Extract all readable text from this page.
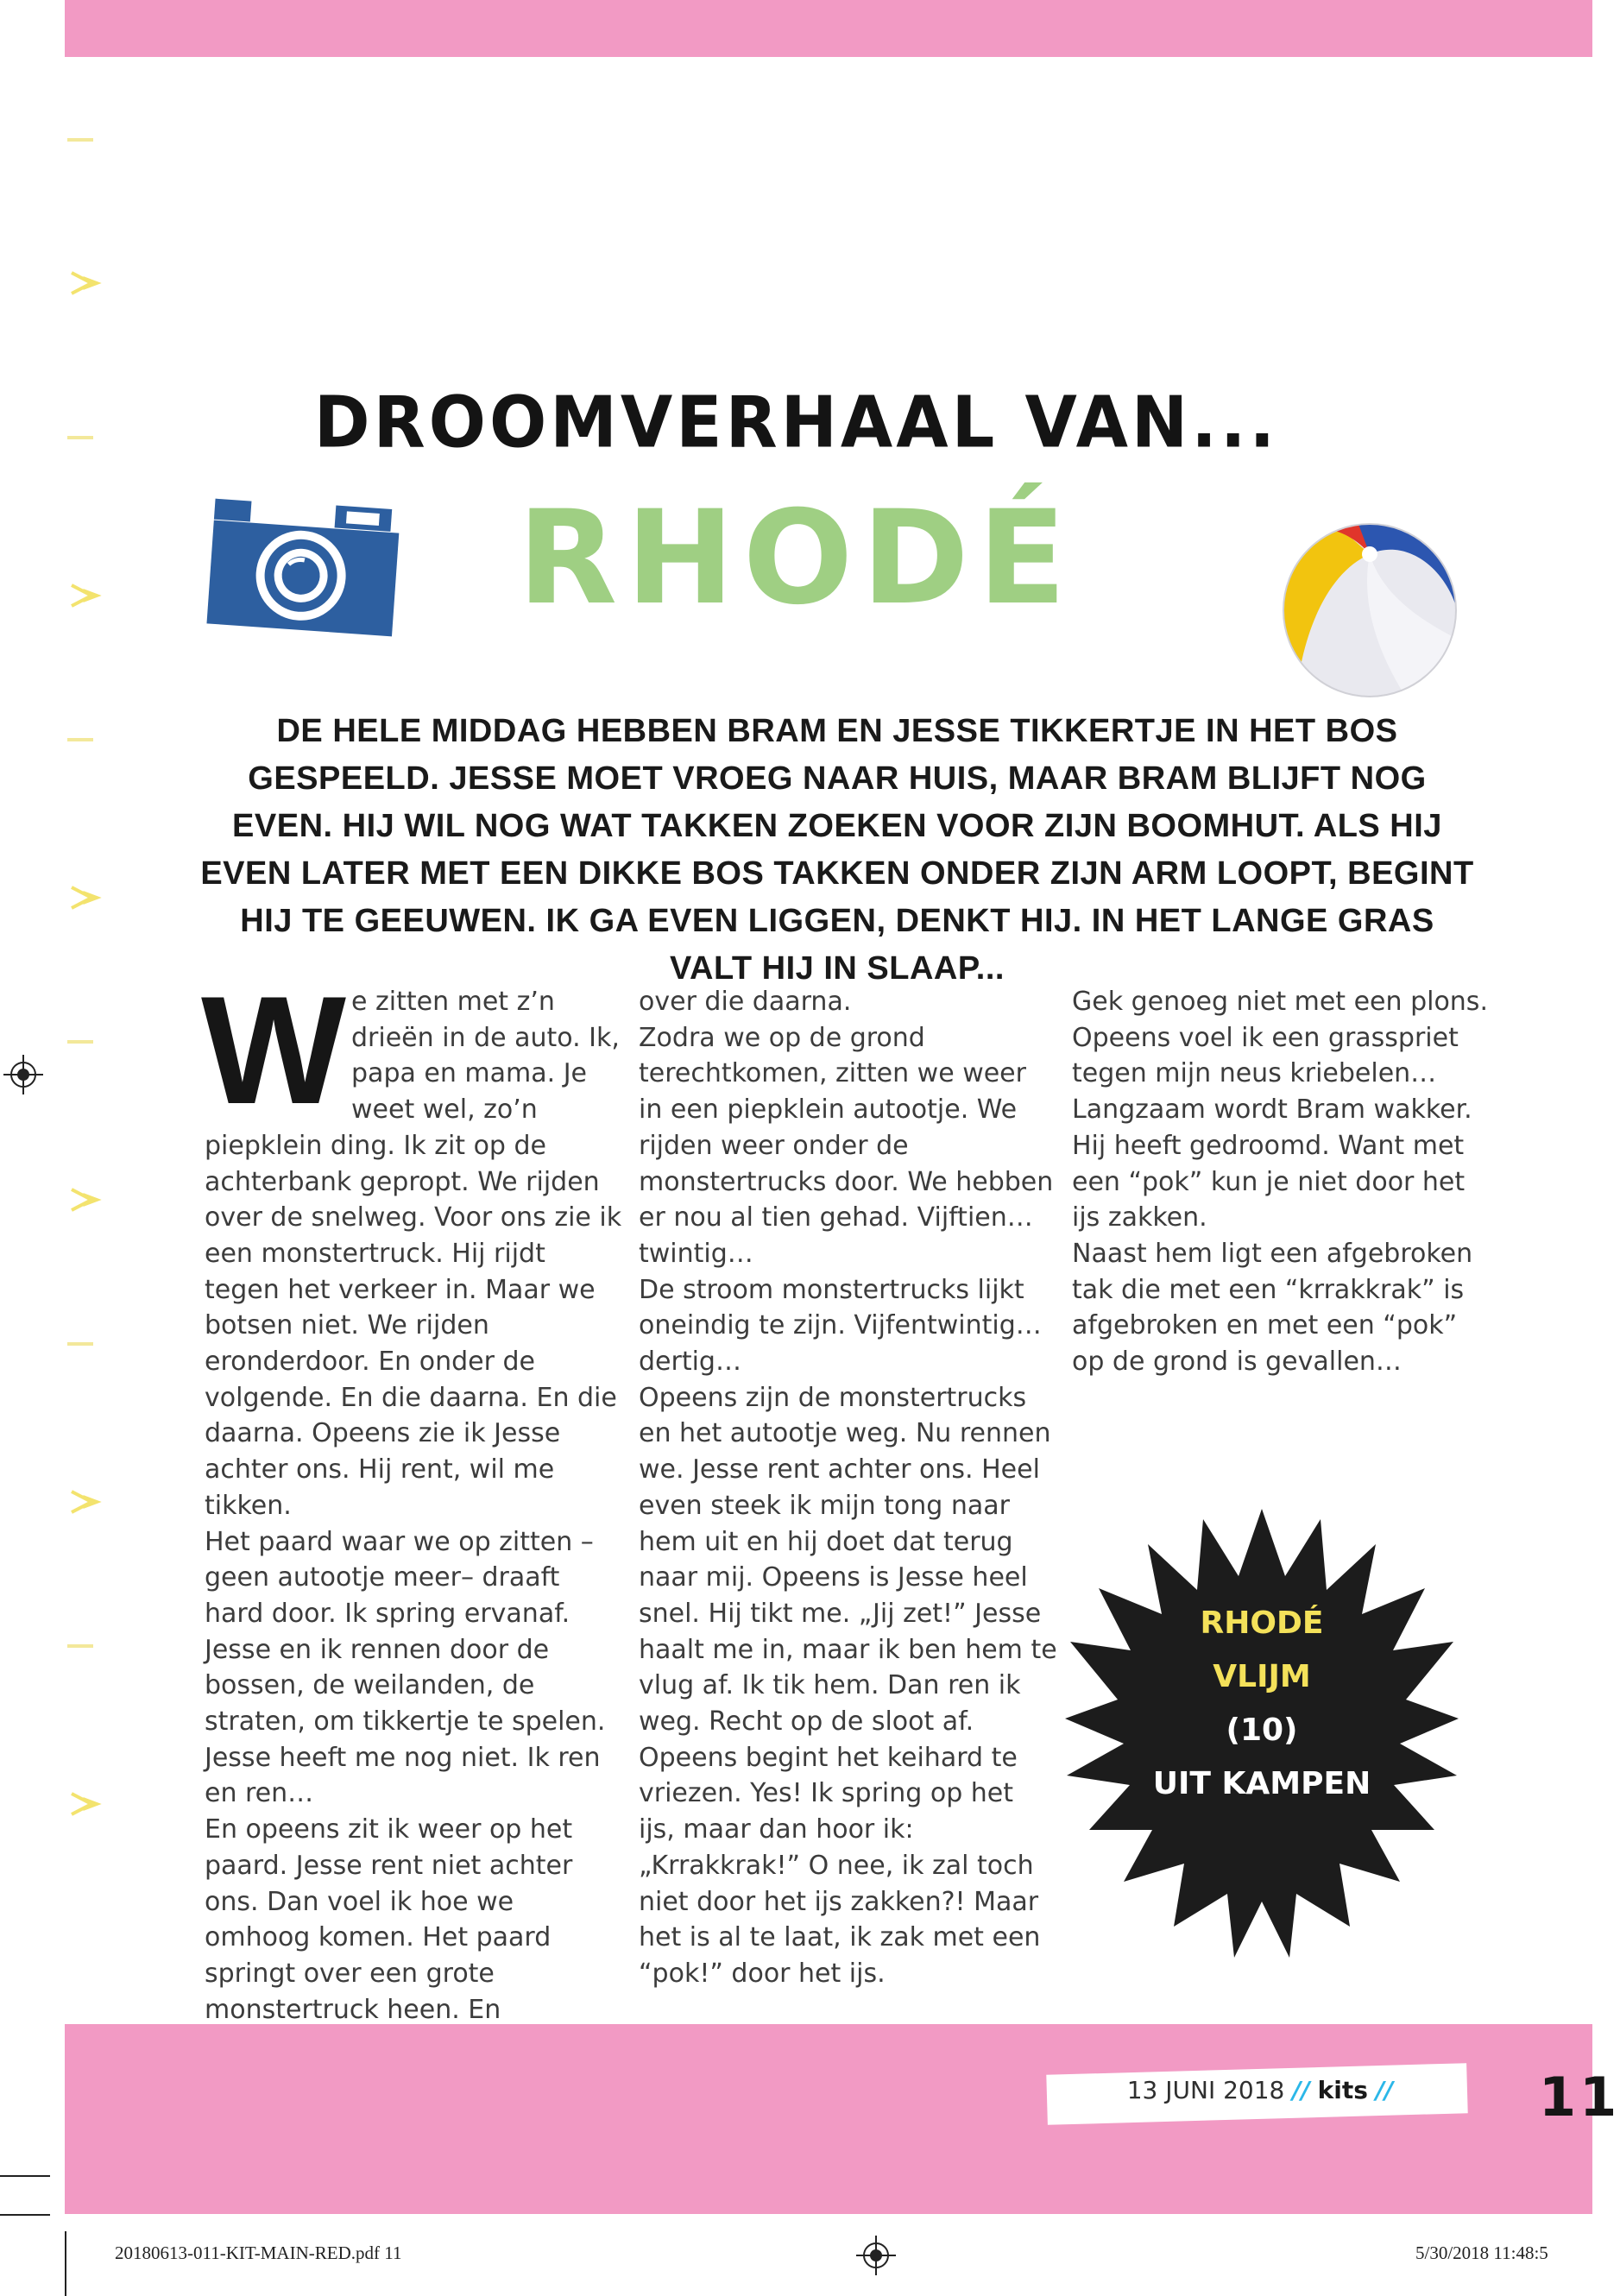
DROOMVERHAAL VAN...
RHODÉ
DE HELE MIDDAG HEBBEN BRAM EN JESSE TIKKERTJE IN HET BOS GESPEELD. JESSE MOET VROEG NAAR HUIS, MAAR BRAM BLIJFT NOG EVEN. HIJ WIL NOG WAT TAKKEN ZOEKEN VOOR ZIJN BOOMHUT. ALS HIJ EVEN LATER MET EEN DIKKE BOS TAKKEN ONDER ZIJN ARM LOOPT, BEGINT HIJ TE GEEUWEN. IK GA EVEN LIGGEN, DENKT HIJ. IN HET LANGE GRAS VALT HIJ IN SLAAP...
W e zitten met z’n drieën in de auto. Ik, papa en mama. Je weet wel, zo’n piepklein ding. Ik zit op de achterbank gepropt. We rijden over de snelweg. Voor ons zie ik een monstertruck. Hij rijdt tegen het verkeer in. Maar we botsen niet. We rijden eronderdoor. En onder de volgende. En die daarna. En die daarna. Opeens zie ik Jesse achter ons. Hij rent, wil me tikken.

Het paard waar we op zitten –geen autootje meer– draaft hard door. Ik spring ervanaf. Jesse en ik rennen door de bossen, de weilanden, de straten, om tikkertje te spelen. Jesse heeft me nog niet. Ik ren en ren…

En opeens zit ik weer op het paard. Jesse rent niet achter ons. Dan voel ik hoe we omhoog komen. Het paard springt over een grote monstertruck heen. En

over die daarna.

Zodra we op de grond terechtkomen, zitten we weer in een piepklein autootje. We rijden weer onder de monstertrucks door. We hebben er nou al tien gehad. Vijftien… twintig…

De stroom monstertrucks lijkt oneindig te zijn. Vijfentwintig… dertig…

Opeens zijn de monstertrucks en het autootje weg. Nu rennen we. Jesse rent achter ons. Heel even steek ik mijn tong naar hem uit en hij doet dat terug naar mij. Opeens is Jesse heel snel. Hij tikt me. „Jij zet!” Jesse haalt me in, maar ik ben hem te vlug af. Ik tik hem. Dan ren ik weg. Recht op de sloot af.

Opeens begint het keihard te vriezen. Yes! Ik spring op het ijs, maar dan hoor ik: „Krrakkrak!” O nee, ik zal toch niet door het ijs zakken?! Maar het is al te laat, ik zak met een “pok!” door het ijs.

Gek genoeg niet met een plons. Opeens voel ik een grasspriet tegen mijn neus kriebelen…

Langzaam wordt Bram wakker. Hij heeft gedroomd. Want met een “pok” kun je niet door het ijs zakken.

Naast hem ligt een afgebroken tak die met een “krrakkrak” is afgebroken en met een “pok” op de grond is gevallen…

RHODÉ
VLIJM
(10)
UIT KAMPEN
13 JUNI 2018 // kits //	11
20180613-011-KIT-MAIN-RED.pdf 11	5/30/2018 11:48:5
